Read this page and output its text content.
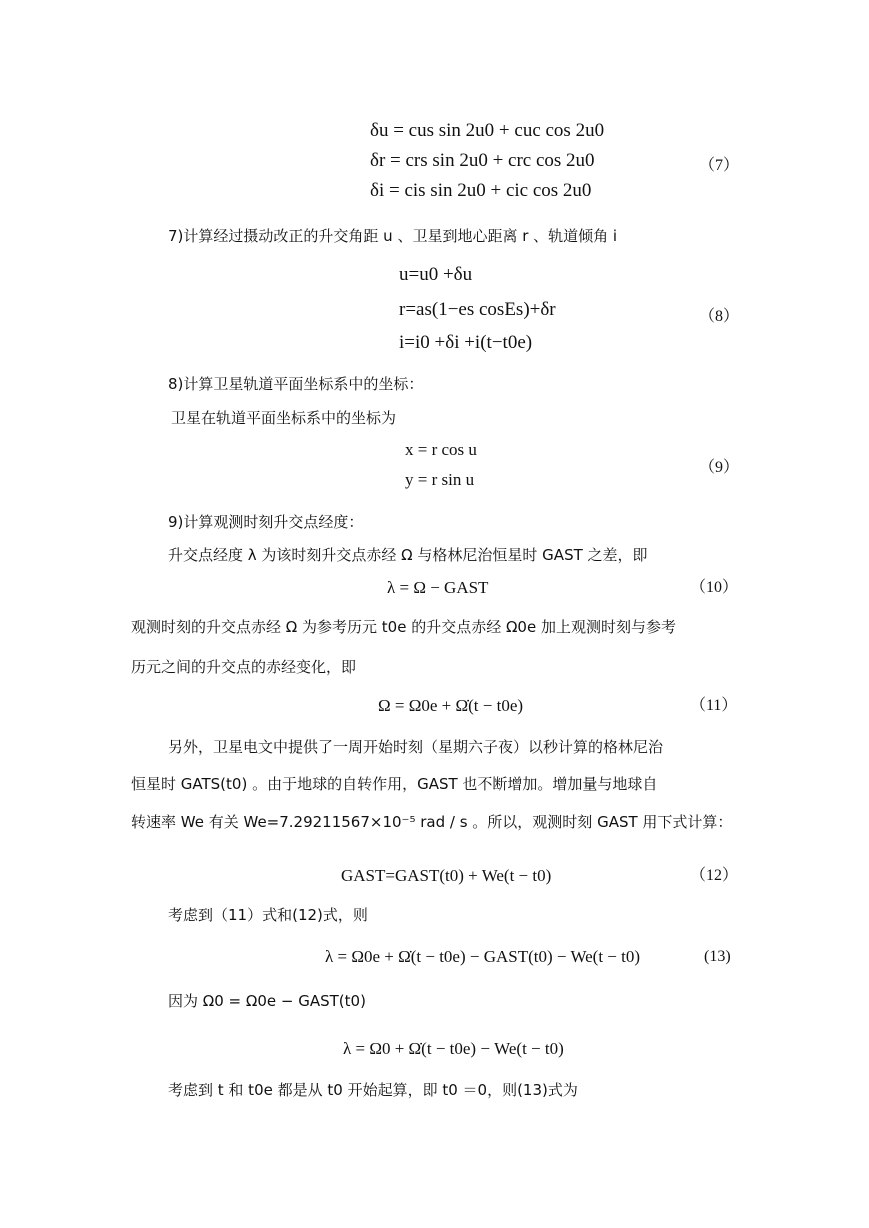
δu = cus sin 2u0 + cuc cos 2u0
δr = crs sin 2u0 + crc cos 2u0
δi = cis sin 2u0 + cic cos 2u0
（7）
7)计算经过摄动改正的升交角距 u 、卫星到地心距离 r 、轨道倾角 i
u=u0 +δu
r=as(1−es cosEs)+δr
i=i0 +δi +i(t−t0e)
（8）
8)计算卫星轨道平面坐标系中的坐标：
卫星在轨道平面坐标系中的坐标为
x = r cos u
y = r sin u
（9）
9)计算观测时刻升交点经度：
升交点经度 λ 为该时刻升交点赤经 Ω 与格林尼治恒星时 GAST 之差，即
λ = Ω − GAST	（10）
观测时刻的升交点赤经 Ω 为参考历元 t0e 的升交点赤经 Ω0e 加上观测时刻与参考
历元之间的升交点的赤经变化，即
Ω = Ω0e + Ω̇(t − t0e)	（11）
另外，卫星电文中提供了一周开始时刻（星期六子夜）以秒计算的格林尼治
恒星时 GATS(t0) 。由于地球的自转作用，GAST 也不断增加。增加量与地球自
转速率 We 有关 We=7.29211567×10⁻⁵ rad / s 。所以，观测时刻 GAST 用下式计算：
GAST=GAST(t0) + We(t − t0)	（12）
考虑到（11）式和(12)式，则
λ = Ω0e + Ω̇(t − t0e) − GAST(t0) − We(t − t0)	(13)
因为 Ω0 = Ω0e − GAST(t0)
λ = Ω0 + Ω̇(t − t0e) − We(t − t0)
考虑到 t 和 t0e 都是从 t0 开始起算，即 t0 ＝0，则(13)式为
